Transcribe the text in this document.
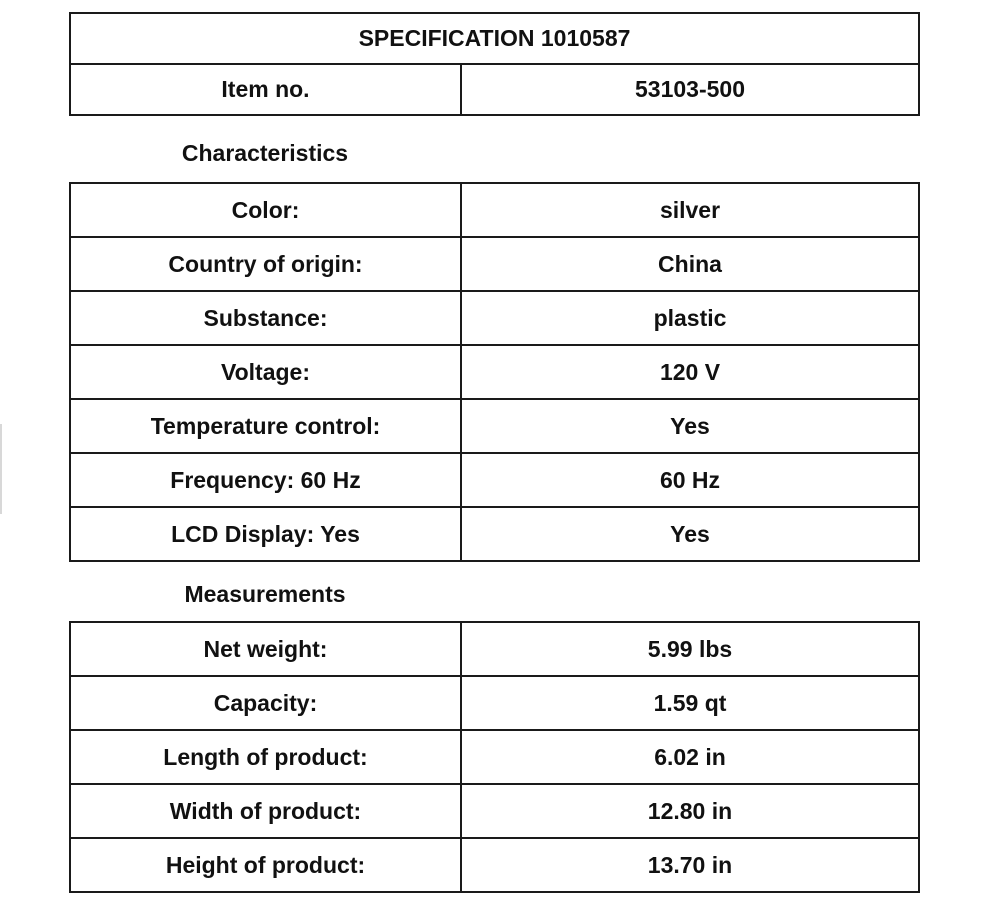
SPECIFICATION 1010587
Item no.	53103-500
Characteristics
Color:	silver
Country of origin:	China
Substance:	plastic
Voltage:	120 V
Temperature control:	Yes
Frequency: 60 Hz	60 Hz
LCD Display: Yes	Yes
Measurements
Net weight:	5.99 lbs
Capacity:	1.59 qt
Length of product:	6.02 in
Width of product:	12.80 in
Height of product:	13.70 in
